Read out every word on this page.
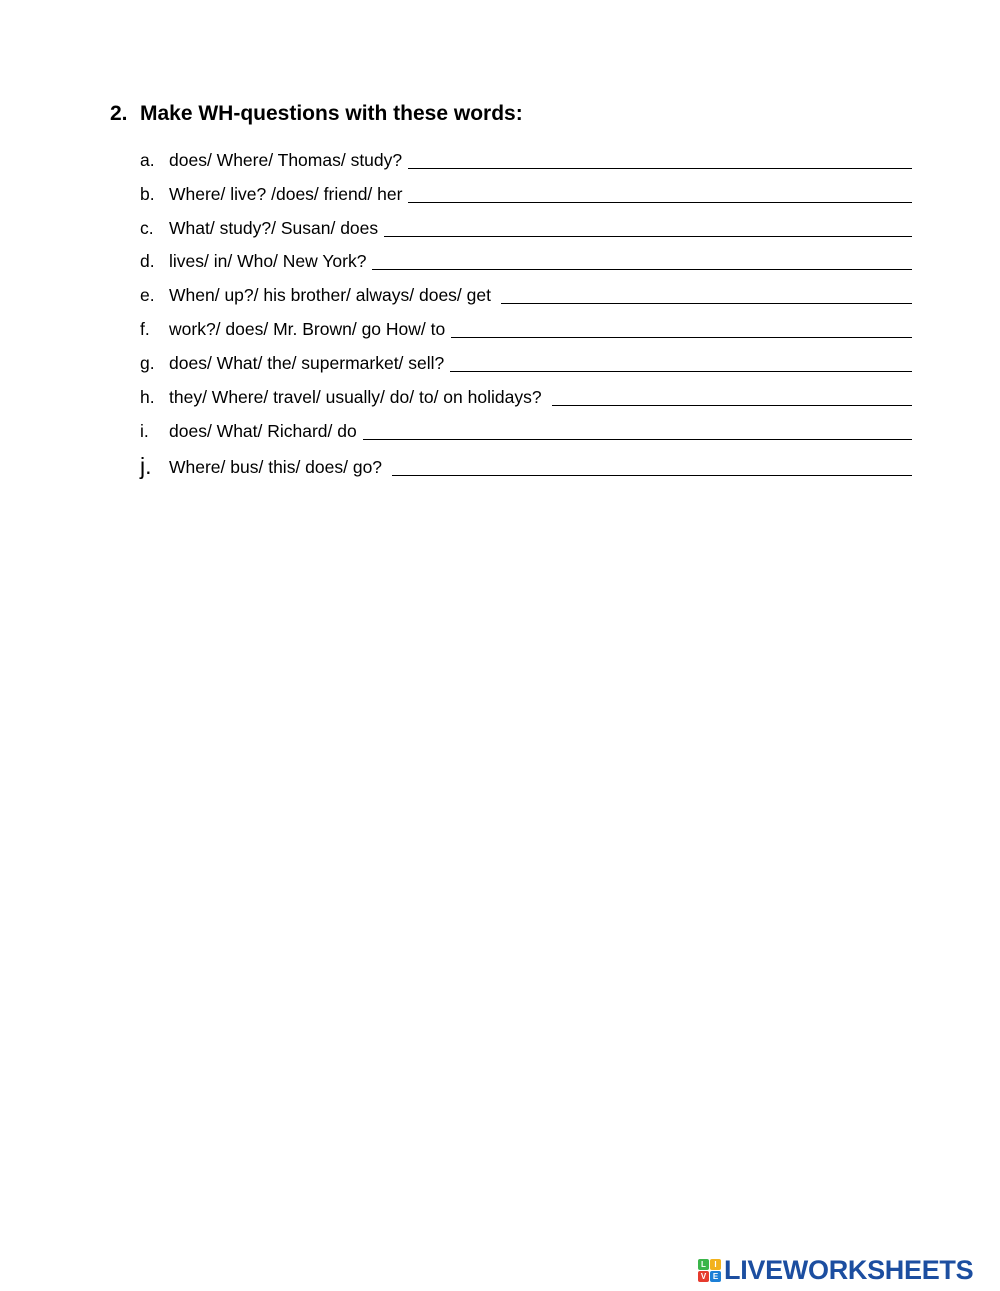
2. Make WH-questions with these words:
a. does/ Where/ Thomas/ study?
b. Where/ live? /does/ friend/ her
c. What/ study?/ Susan/ does
d. lives/ in/ Who/ New York?
e. When/ up?/ his brother/ always/ does/ get
f.	work?/ does/ Mr. Brown/ go How/ to
g. does/ What/ the/ supermarket/ sell?
h. they/ Where/ travel/ usually/ do/ to/ on holidays?
i.	does/ What/ Richard/ do
j.	Where/ bus/ this/ does/ go?
L	I
V E LIVEWORKSHEETS
